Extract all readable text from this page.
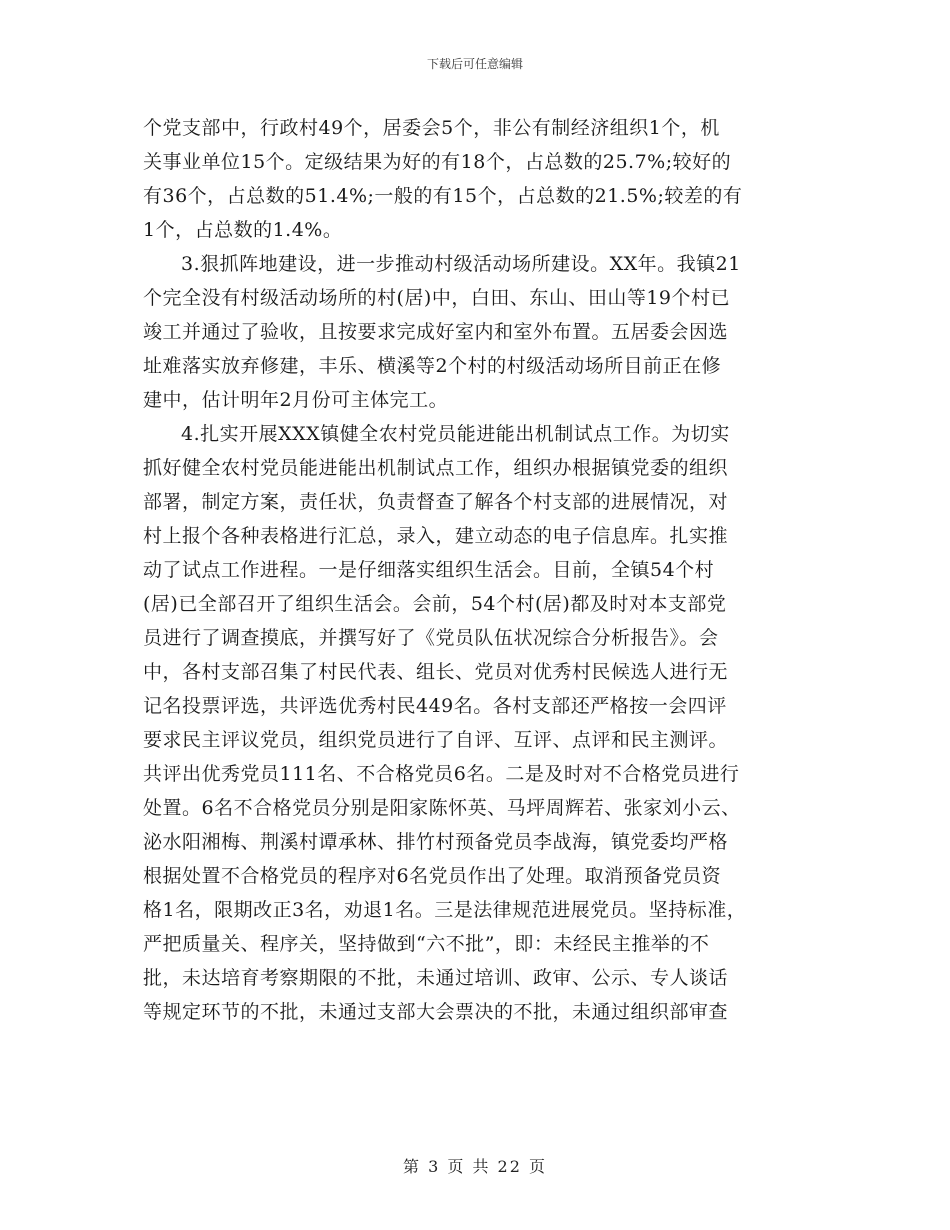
下载后可任意编辑
个党支部中，行政村49个，居委会5个，非公有制经济组织1个，机
关事业单位15个。定级结果为好的有18个，占总数的25.7%;较好的
有36个，占总数的51.4%;一般的有15个，占总数的21.5%;较差的有
1个，占总数的1.4%。
3.狠抓阵地建设，进一步推动村级活动场所建设。XX年。我镇21
个完全没有村级活动场所的村(居)中，白田、东山、田山等19个村已
竣工并通过了验收，且按要求完成好室内和室外布置。五居委会因选
址难落实放弃修建，丰乐、横溪等2个村的村级活动场所目前正在修
建中，估计明年2月份可主体完工。
4.扎实开展XXX镇健全农村党员能进能出机制试点工作。为切实
抓好健全农村党员能进能出机制试点工作，组织办根据镇党委的组织
部署，制定方案，责任状，负责督查了解各个村支部的进展情况，对
村上报个各种表格进行汇总，录入，建立动态的电子信息库。扎实推
动了试点工作进程。一是仔细落实组织生活会。目前，全镇54个村
(居)已全部召开了组织生活会。会前，54个村(居)都及时对本支部党
员进行了调查摸底，并撰写好了《党员队伍状况综合分析报告》。会
中，各村支部召集了村民代表、组长、党员对优秀村民候选人进行无
记名投票评选，共评选优秀村民449名。各村支部还严格按一会四评
要求民主评议党员，组织党员进行了自评、互评、点评和民主测评。
共评出优秀党员111名、不合格党员6名。二是及时对不合格党员进行
处置。6名不合格党员分别是阳家陈怀英、马坪周辉若、张家刘小云、
泌水阳湘梅、荆溪村谭承林、排竹村预备党员李战海，镇党委均严格
根据处置不合格党员的程序对6名党员作出了处理。取消预备党员资
格1名，限期改正3名，劝退1名。三是法律规范进展党员。坚持标准，
严把质量关、程序关，坚持做到“六不批”，即：未经民主推举的不
批，未达培育考察期限的不批，未通过培训、政审、公示、专人谈话
等规定环节的不批，未通过支部大会票决的不批，未通过组织部审查
第 3 页 共 22 页
